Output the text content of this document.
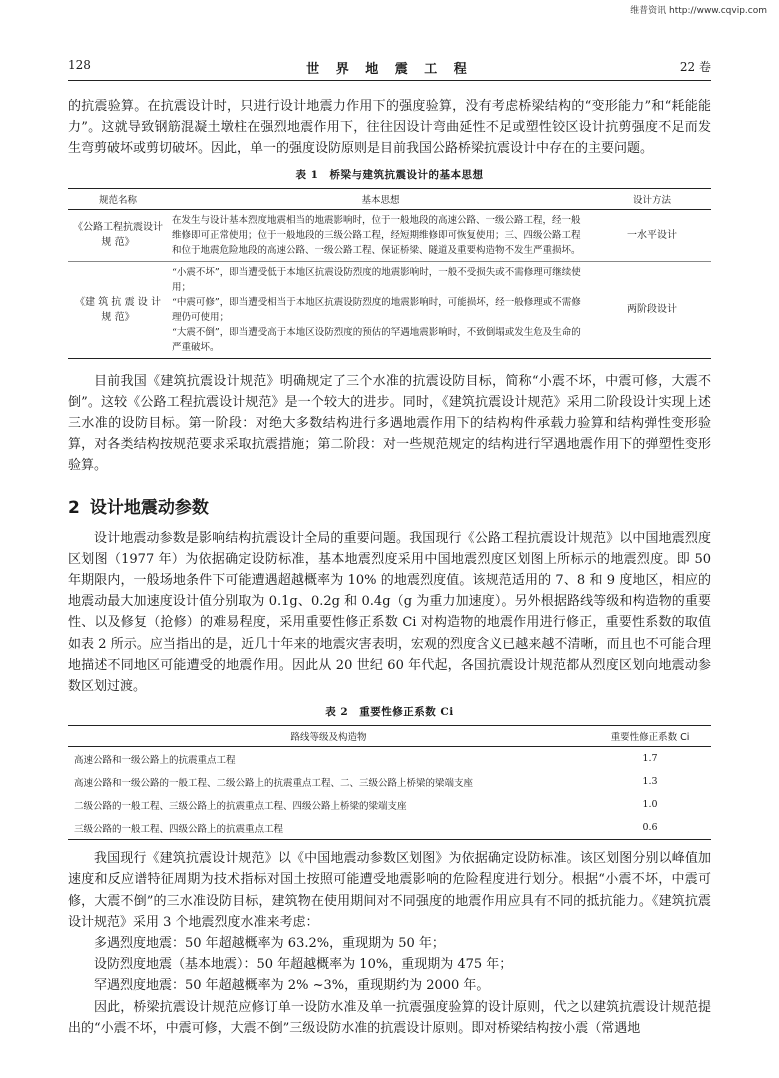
维普资讯 http://www.cqvip.com
128	世 界 地 震 工 程	22 卷

的抗震验算。在抗震设计时，只进行设计地震力作用下的强度验算，没有考虑桥梁结构的“变形能力”和“耗能能力”。这就导致钢筋混凝土墩柱在强烈地震作用下，往往因设计弯曲延性不足或塑性铰区设计抗剪强度不足而发生弯剪破坏或剪切破坏。因此，单一的强度设防原则是目前我国公路桥梁抗震设计中存在的主要问题。

表 1　桥梁与建筑抗震设计的基本思想
规范名称	基本思想	设计方法
《公路工程抗震设计规 范》	在发生与设计基本烈度地震相当的地震影响时，位于一般地段的高速公路、一级公路工程，经一般维修即可正常使用；位于一般地段的三级公路工程，经短期维修即可恢复使用；三、四级公路工程和位于地震危险地段的高速公路、一级公路工程、保证桥梁、隧道及重要构造物不发生严重损坏。	一水平设计
《建 筑 抗 震 设 计 规 范》	“小震不坏”，即当遭受低于本地区抗震设防烈度的地震影响时，一般不受损失或不需修理可继续使用；
“中震可修”，即当遭受相当于本地区抗震设防烈度的地震影响时，可能损坏，经一般修理或不需修理仍可使用；
“大震不倒”，即当遭受高于本地区设防烈度的预估的罕遇地震影响时，不致倒塌或发生危及生命的严重破坏。	两阶段设计

目前我国《建筑抗震设计规范》明确规定了三个水准的抗震设防目标，简称“小震不坏，中震可修，大震不倒”。这较《公路工程抗震设计规范》是一个较大的进步。同时，《建筑抗震设计规范》采用二阶段设计实现上述三水准的设防目标。第一阶段：对绝大多数结构进行多遇地震作用下的结构构件承载力验算和结构弹性变形验算，对各类结构按规范要求采取抗震措施；第二阶段：对一些规范规定的结构进行罕遇地震作用下的弹塑性变形验算。

2 设计地震动参数

设计地震动参数是影响结构抗震设计全局的重要问题。我国现行《公路工程抗震设计规范》以中国地震烈度区划图（1977 年）为依据确定设防标准，基本地震烈度采用中国地震烈度区划图上所标示的地震烈度。即 50 年期限内，一般场地条件下可能遭遇超越概率为 10% 的地震烈度值。该规范适用的 7、8 和 9 度地区，相应的地震动最大加速度设计值分别取为 0.1g、0.2g 和 0.4g（g 为重力加速度）。另外根据路线等级和构造物的重要性、以及修复（抢修）的难易程度，采用重要性修正系数 Ci 对构造物的地震作用进行修正，重要性系数的取值如表 2 所示。应当指出的是，近几十年来的地震灾害表明，宏观的烈度含义已越来越不清晰，而且也不可能合理地描述不同地区可能遭受的地震作用。因此从 20 世纪 60 年代起，各国抗震设计规范都从烈度区划向地震动参数区划过渡。

表 2　重要性修正系数 Ci
路线等级及构造物	重要性修正系数 Ci
高速公路和一级公路上的抗震重点工程	1.7
高速公路和一级公路的一般工程、二级公路上的抗震重点工程、二、三级公路上桥梁的梁端支座	1.3
二级公路的一般工程、三级公路上的抗震重点工程、四级公路上桥梁的梁端支座	1.0
三级公路的一般工程、四级公路上的抗震重点工程	0.6

我国现行《建筑抗震设计规范》以《中国地震动参数区划图》为依据确定设防标准。该区划图分别以峰值加速度和反应谱特征周期为技术指标对国土按照可能遭受地震影响的危险程度进行划分。根据“小震不坏，中震可修，大震不倒”的三水准设防目标，建筑物在使用期间对不同强度的地震作用应具有不同的抵抗能力。《建筑抗震设计规范》采用 3 个地震烈度水准来考虑：

多遇烈度地震：50 年超越概率为 63.2%，重现期为 50 年；

设防烈度地震（基本地震）：50 年超越概率为 10%，重现期为 475 年；

罕遇烈度地震：50 年超越概率为 2% ~3%，重现期约为 2000 年。

因此，桥梁抗震设计规范应修订单一设防水准及单一抗震强度验算的设计原则，代之以建筑抗震设计规范提出的“小震不坏，中震可修，大震不倒”三级设防水准的抗震设计原则。即对桥梁结构按小震（常遇地
